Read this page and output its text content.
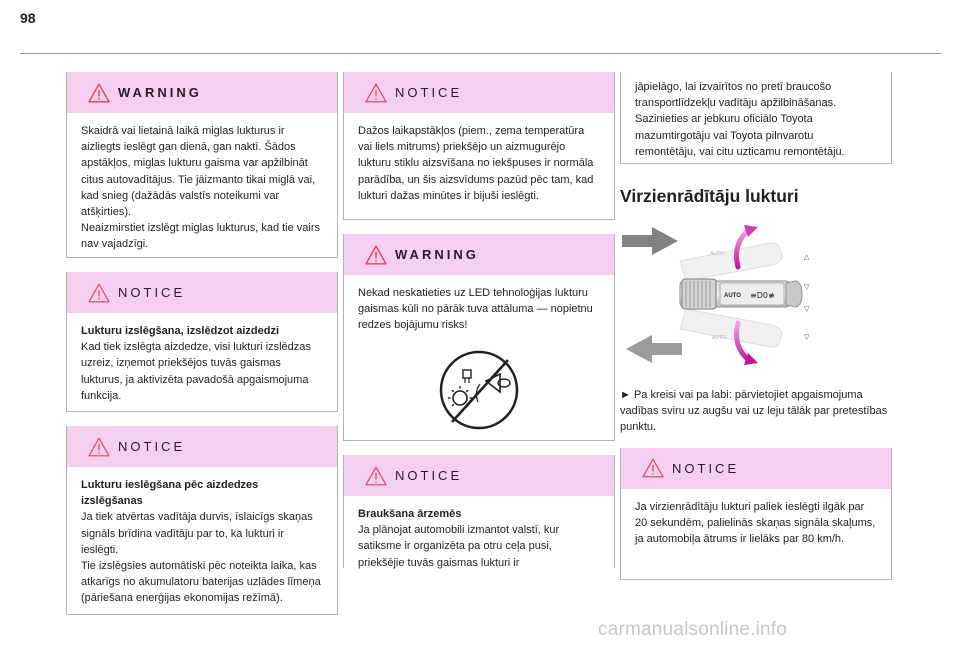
98
WARNING

Skaidrā vai lietainā laikā miglas lukturus ir aizliegts ieslēgt gan dienā, gan naktī. Šādos apstākļos, miglas lukturu gaisma var apžilbināt citus autovadītājus. Tie jāizmanto tikai miglā vai, kad snieg (dažādās valstīs noteikumi var atšķirties).

Neaizmirstiet izslēgt miglas lukturus, kad tie vairs nav vajadzīgi.

NOTICE

Lukturu izslēgšana, izslēdzot aizdedzi

Kad tiek izslēgta aizdedze, visi lukturi izslēdzas uzreiz, izņemot priekšējos tuvās gaismas lukturus, ja aktivizēta pavadošā apgaismojuma funkcija.

NOTICE

Lukturu ieslēgšana pēc aizdedzes izslēgšanas

Ja tiek atvērtas vadītāja durvis, īslaicīgs skaņas signāls brīdina vadītāju par to, ka lukturi ir ieslēgti.

Tie izslēgsies automātiski pēc noteikta laika, kas atkarīgs no akumulatoru baterijas uzlādes līmeņa (pāriešana enerģijas ekonomijas režīmā).

NOTICE

Dažos laikapstākļos (piem., zema temperatūra vai liels mitrums) priekšējo un aizmugurējo lukturu stiklu aizsvīšana no iekšpuses ir normāla parādība, un šis aizsvīdums pazūd pēc tam, kad lukturi dažas minūtes ir bijuši ieslēgti.

WARNING

Nekad neskatieties uz LED tehnoloģijas lukturu gaismas kūli no pārāk tuva attāluma — nopietnu redzes bojājumu risks!

NOTICE

Braukšana ārzemēs

Ja plānojat automobili izmantot valstī, kur satiksme ir organizēta pa otru ceļa pusi, priekšējie tuvās gaismas lukturi ir

jāpielāgo, lai izvairītos no pretī braucošo transportlīdzekļu vadītāju apžilbināšanas. Sazinieties ar jebkuru oficiālo Toyota mazumtirgotāju vai Toyota pilnvarotu remontētāju, vai citu uzticamu remontētāju.

Virzienrādītāju lukturi
AUTO
AUTO
AUTO ≡D0≢
△
▽
▽
▽

► Pa kreisi vai pa labi: pārvietojiet apgaismojuma vadības sviru uz augšu vai uz leju tālāk par pretestības punktu.

NOTICE

Ja virzienrādītāju lukturi paliek ieslēgti ilgāk par 20 sekundēm, palielinās skaņas signāla skaļums, ja automobiļa ātrums ir lielāks par 80 km/h.

carmanualsonline.info
